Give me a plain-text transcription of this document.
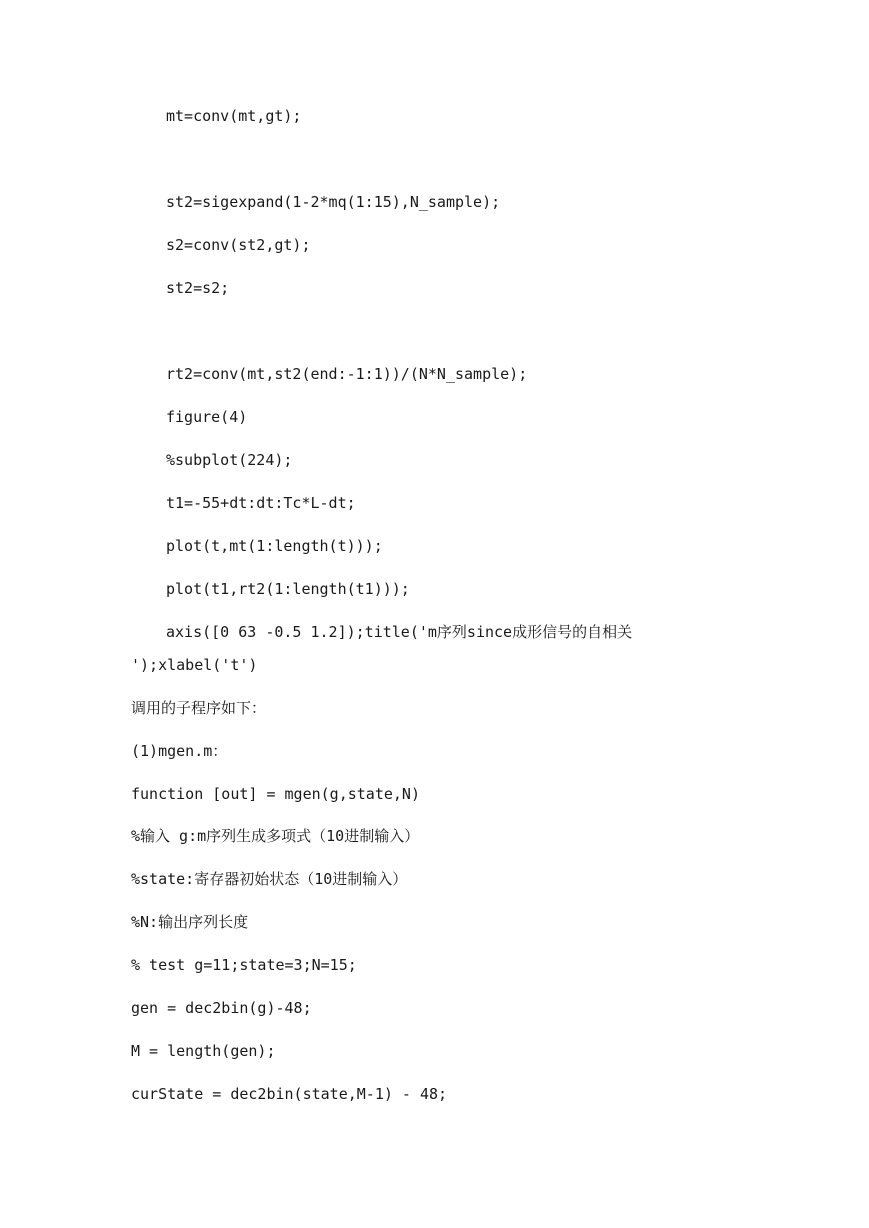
mt=conv(mt,gt);
st2=sigexpand(1-2*mq(1:15),N_sample);
s2=conv(st2,gt);
st2=s2;
rt2=conv(mt,st2(end:-1:1))/(N*N_sample);
figure(4)
%subplot(224);
t1=-55+dt:dt:Tc*L-dt;
plot(t,mt(1:length(t)));
plot(t1,rt2(1:length(t1)));
axis([0 63 -0.5 1.2]);title('m序列since成形信号的自相关
');xlabel('t')
调用的子程序如下：
(1)mgen.m：
function [out] = mgen(g,state,N)
%输入 g:m序列生成多项式（10进制输入）
%state:寄存器初始状态（10进制输入）
%N:输出序列长度
% test g=11;state=3;N=15;
gen = dec2bin(g)-48;
M = length(gen);
curState = dec2bin(state,M-1) - 48;
